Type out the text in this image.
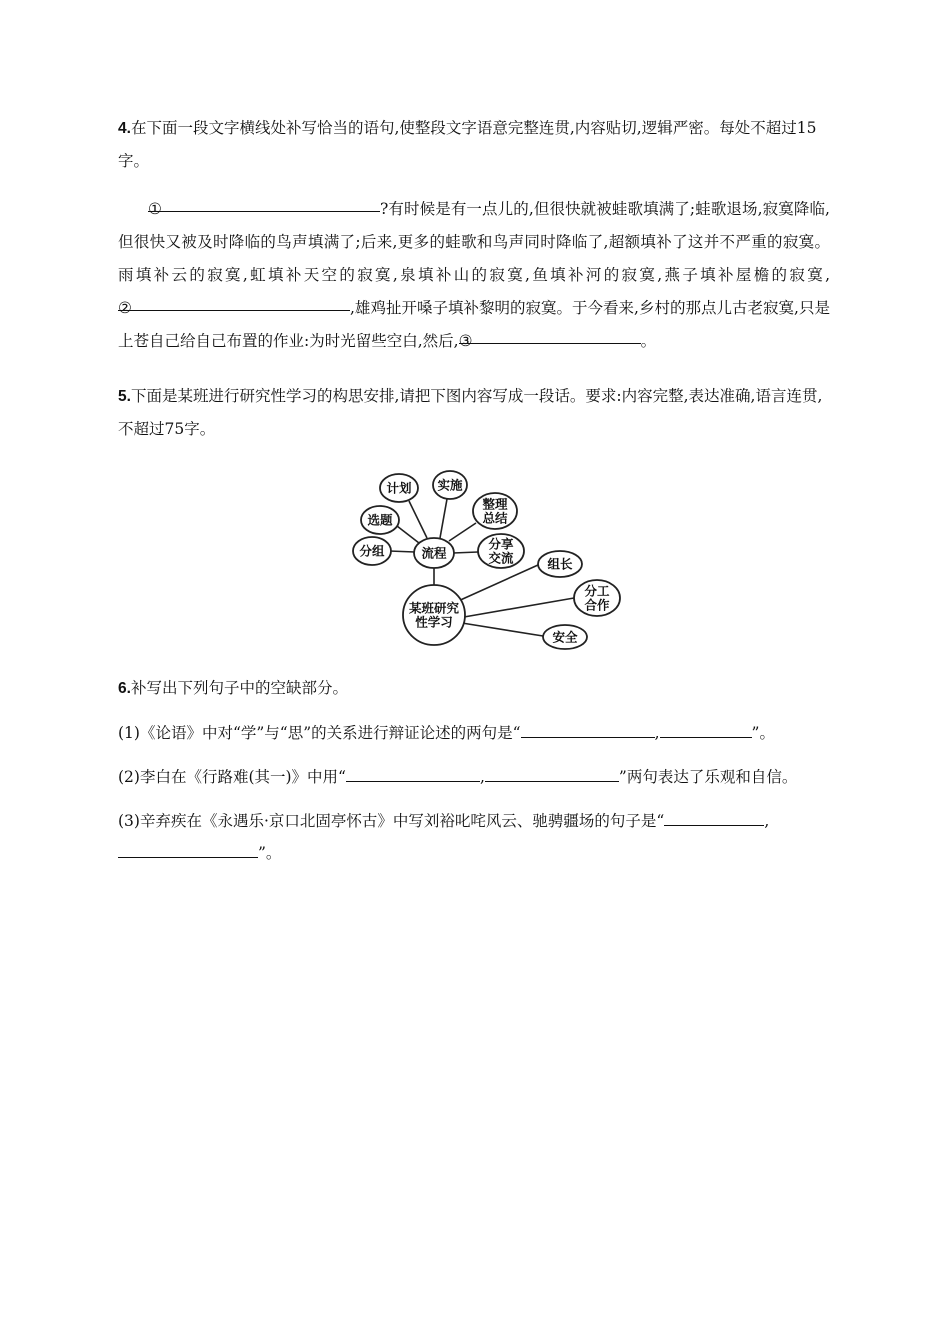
4.在下面一段文字横线处补写恰当的语句,使整段文字语意完整连贯,内容贴切,逻辑严密。每处不超过15字。

①	?有时候是有一点儿的,但很快就被蛙歌填满了;蛙歌退场,寂寞降临,但很快又被及时降临的鸟声填满了;后来,更多的蛙歌和鸟声同时降临了,超额填补了这并不严重的寂寞。雨填补云的寂寞,虹填补天空的寂寞,泉填补山的寂寞,鱼填补河的寂寞,燕子填补屋檐的寂寞,②	,雄鸡扯开嗓子填补黎明的寂寞。于今看来,乡村的那点儿古老寂寞,只是上苍自己给自己布置的作业:为时光留些空白,然后,③	。

5.下面是某班进行研究性学习的构思安排,请把下图内容写成一段话。要求:内容完整,表达准确,语言连贯,不超过75字。

流程
分组
选题
计划 实施
整理总结
分享交流
某班研究性学习
组长
分工合作
安全

6.补写出下列句子中的空缺部分。

(1)《论语》中对“学”与“思”的关系进行辩证论述的两句是“	,	”。

(2)李白在《行路难(其一)》中用“	,	”两句表达了乐观和自信。

(3)辛弃疾在《永遇乐·京口北固亭怀古》中写刘裕叱咤风云、驰骋疆场的句子是“	,”。
